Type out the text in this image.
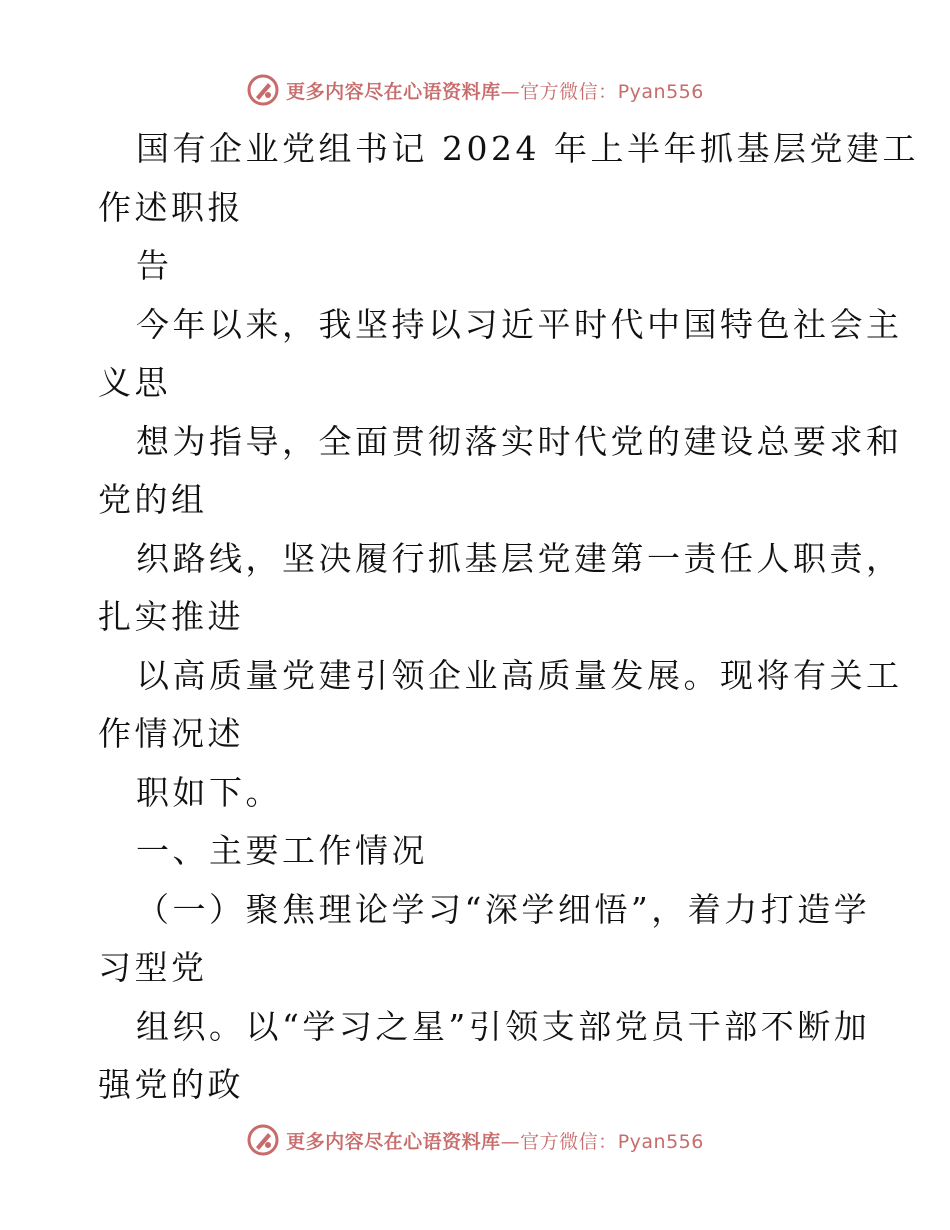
更多内容尽在心语资料库—官方微信：Pyan556
国有企业党组书记 2024 年上半年抓基层党建工
作述职报
告
今年以来，我坚持以习近平时代中国特色社会主
义思
想为指导，全面贯彻落实时代党的建设总要求和
党的组
织路线，坚决履行抓基层党建第一责任人职责，
扎实推进
以高质量党建引领企业高质量发展。现将有关工
作情况述
职如下。
一、主要工作情况
（一）聚焦理论学习“深学细悟”，着力打造学
习型党
组织。以“学习之星”引领支部党员干部不断加
强党的政
更多内容尽在心语资料库—官方微信：Pyan556
